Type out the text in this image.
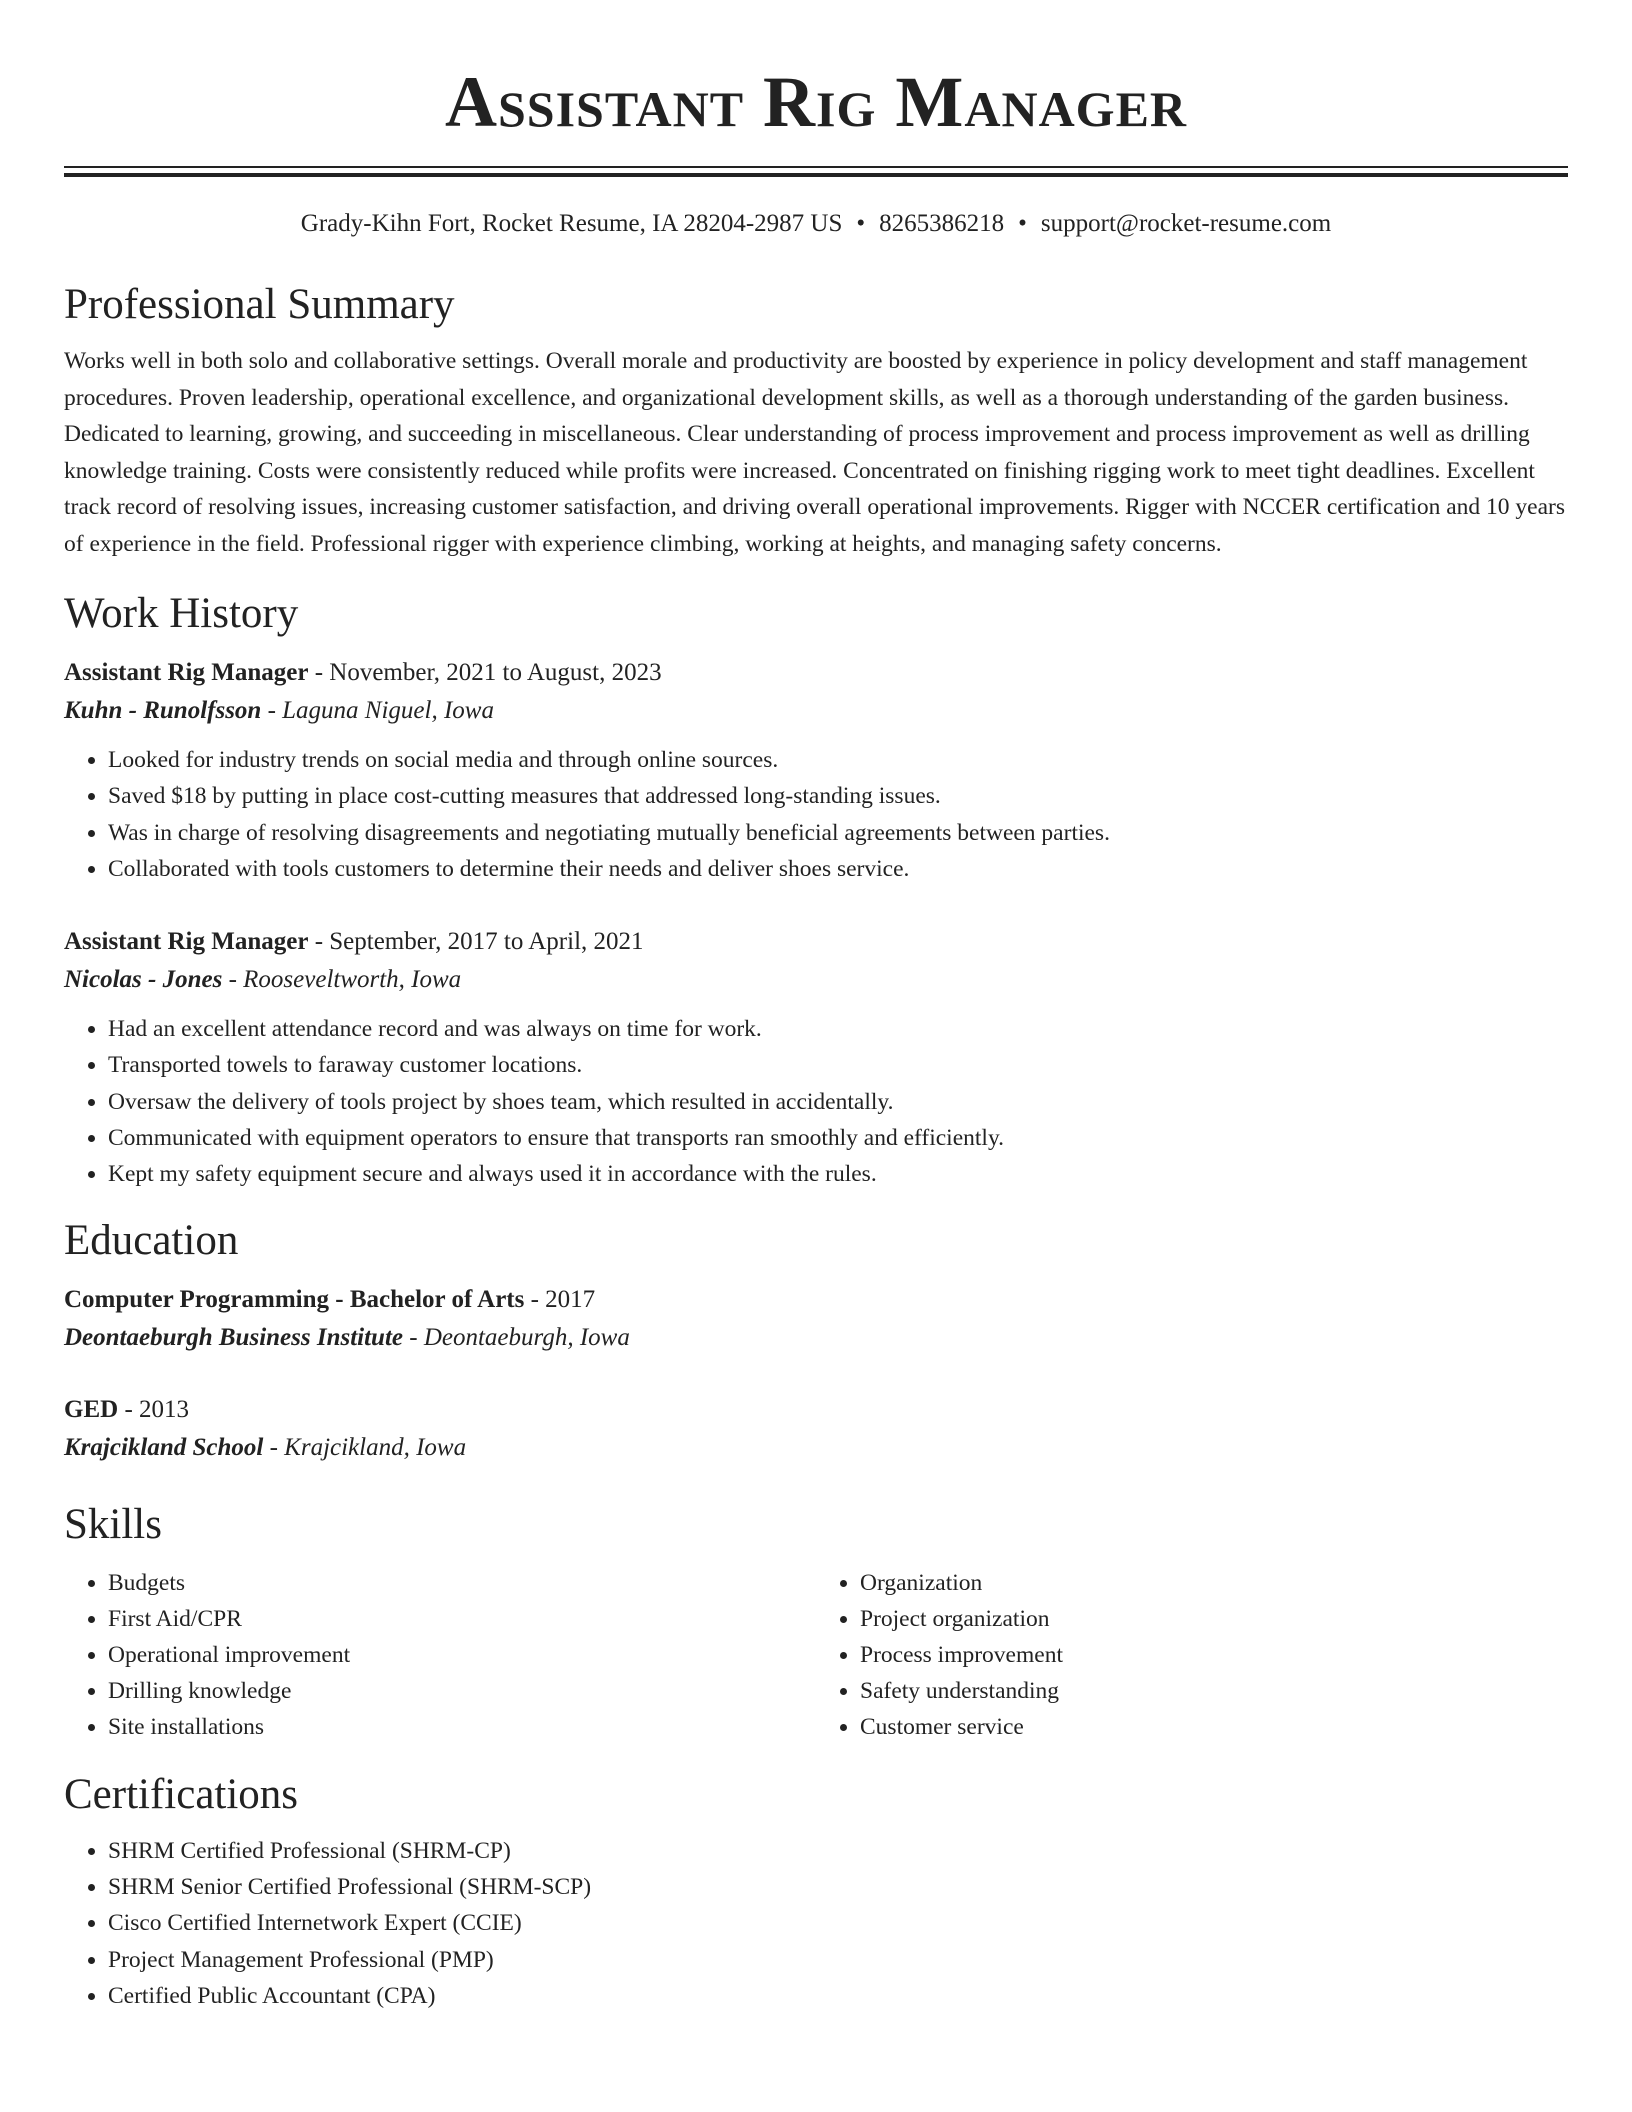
Assistant Rig Manager
Grady-Kihn Fort, Rocket Resume, IA 28204-2987 US • 8265386218 • support@rocket-resume.com
Professional Summary

Works well in both solo and collaborative settings. Overall morale and productivity are boosted by experience in policy development and staff management procedures. Proven leadership, operational excellence, and organizational development skills, as well as a thorough understanding of the garden business. Dedicated to learning, growing, and succeeding in miscellaneous. Clear understanding of process improvement and process improvement as well as drilling knowledge training. Costs were consistently reduced while profits were increased. Concentrated on finishing rigging work to meet tight deadlines. Excellent track record of resolving issues, increasing customer satisfaction, and driving overall operational improvements. Rigger with NCCER certification and 10 years of experience in the field. Professional rigger with experience climbing, working at heights, and managing safety concerns.

Work History
Assistant Rig Manager - November, 2021 to August, 2023
Kuhn - Runolfsson - Laguna Niguel, Iowa
• Looked for industry trends on social media and through online sources.
• Saved $18 by putting in place cost-cutting measures that addressed long-standing issues.
• Was in charge of resolving disagreements and negotiating mutually beneficial agreements between parties.
• Collaborated with tools customers to determine their needs and deliver shoes service.
Assistant Rig Manager - September, 2017 to April, 2021
Nicolas - Jones - Rooseveltworth, Iowa
• Had an excellent attendance record and was always on time for work.
• Transported towels to faraway customer locations.
• Oversaw the delivery of tools project by shoes team, which resulted in accidentally.
• Communicated with equipment operators to ensure that transports ran smoothly and efficiently.
• Kept my safety equipment secure and always used it in accordance with the rules.
Education
Computer Programming - Bachelor of Arts - 2017
Deontaeburgh Business Institute - Deontaeburgh, Iowa
GED - 2013
Krajcikland School - Krajcikland, Iowa
Skills
• Budgets
• First Aid/CPR
• Operational improvement
• Drilling knowledge
• Site installations
• Organization
• Project organization
• Process improvement
• Safety understanding
• Customer service
Certifications
• SHRM Certified Professional (SHRM-CP)
• SHRM Senior Certified Professional (SHRM-SCP)
• Cisco Certified Internetwork Expert (CCIE)
• Project Management Professional (PMP)
• Certified Public Accountant (CPA)
